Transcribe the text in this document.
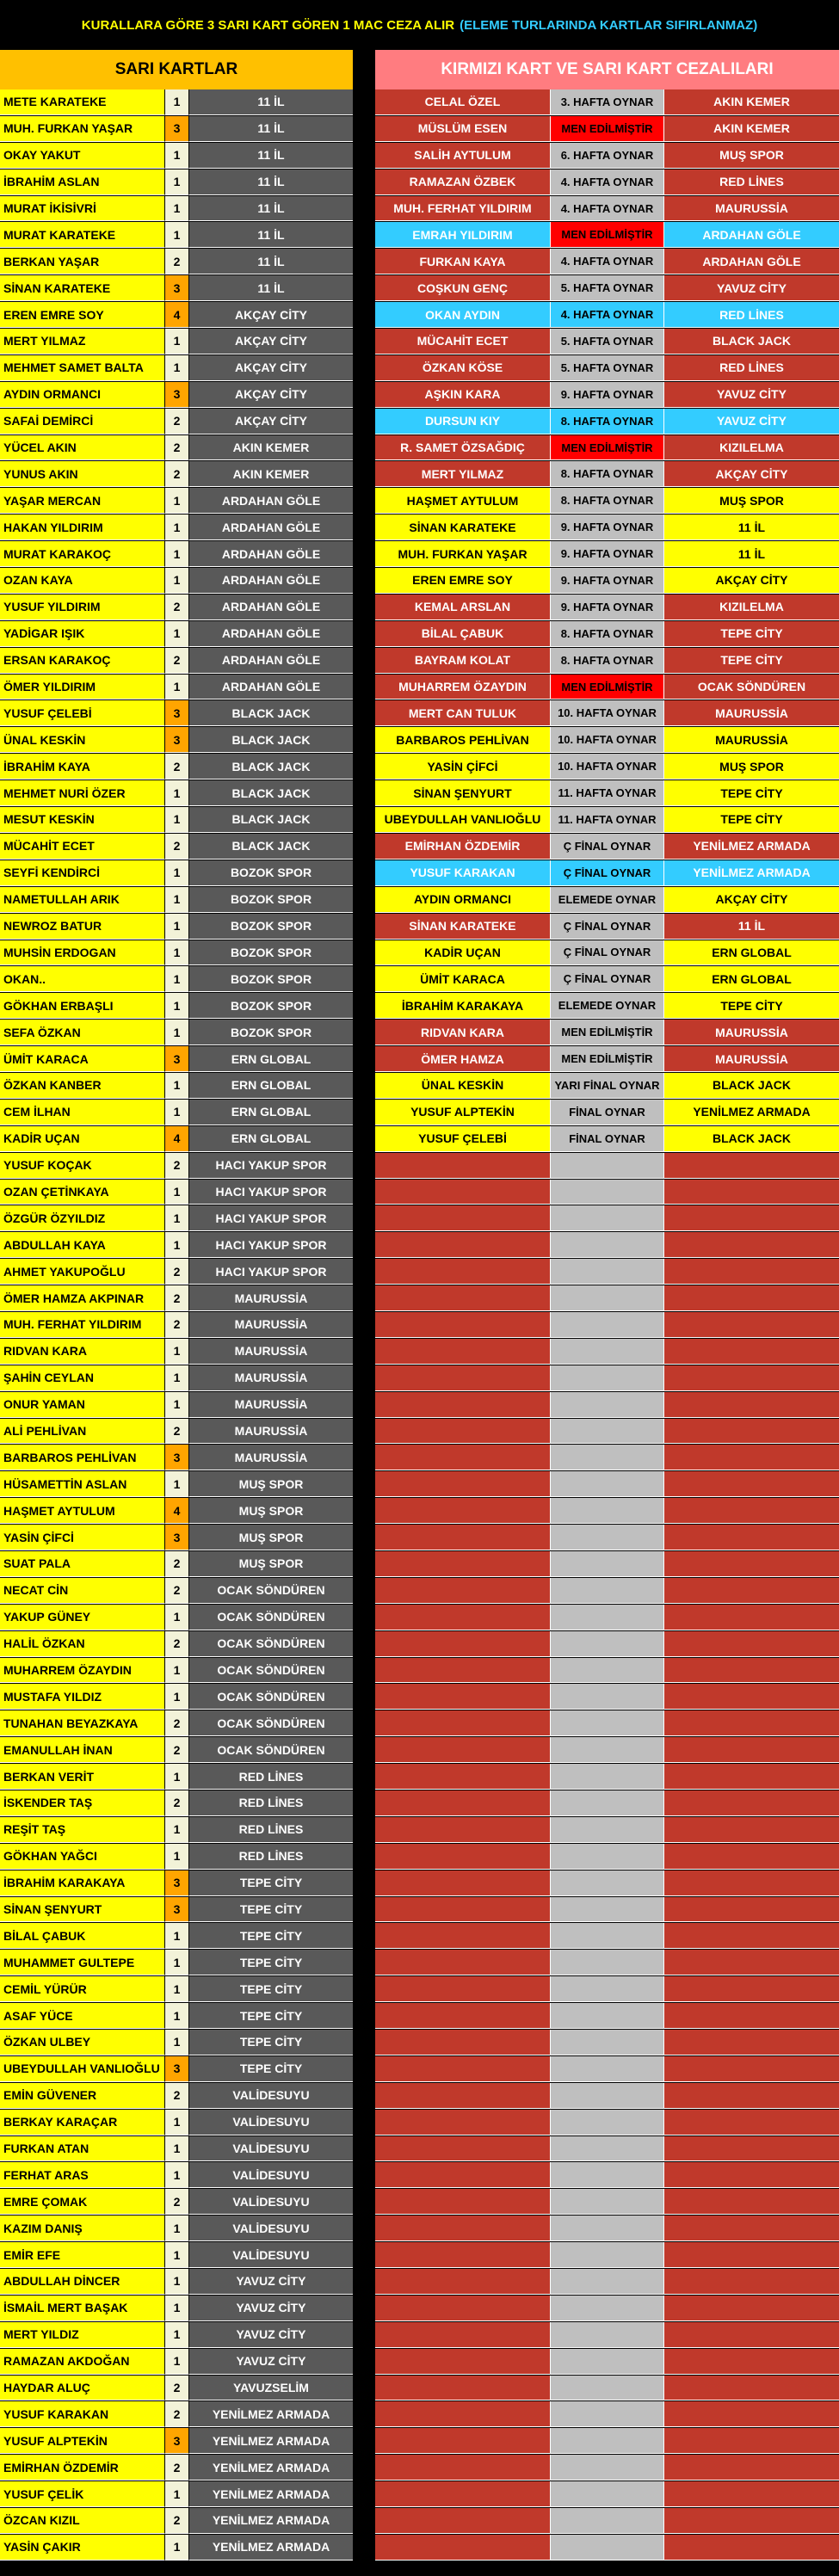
KURALLARA GÖRE 3 SARI KART GÖREN 1 MAC CEZA ALIR (ELEME TURLARINDA KARTLAR SIFIRLANMAZ)
SARI KARTLAR	KIRMIZI KART VE SARI KART CEZALILARI
METE KARATEKE	1	11 İL	CELAL ÖZEL	3. HAFTA OYNAR	AKIN KEMER
MUH. FURKAN YAŞAR	3	11 İL	MÜSLÜM ESEN	MEN EDİLMİŞTİR	AKIN KEMER
OKAY YAKUT	1	11 İL	SALİH AYTULUM	6. HAFTA OYNAR	MUŞ SPOR
İBRAHİM ASLAN	1	11 İL	RAMAZAN ÖZBEK	4. HAFTA OYNAR	RED LİNES
MURAT İKİSİVRİ	1	11 İL	MUH. FERHAT YILDIRIM	4. HAFTA OYNAR	MAURUSSİA
MURAT KARATEKE	1	11 İL	EMRAH YILDIRIM	MEN EDİLMİŞTİR	ARDAHAN GÖLE
BERKAN YAŞAR	2	11 İL	FURKAN KAYA	4. HAFTA OYNAR	ARDAHAN GÖLE
SİNAN KARATEKE	3	11 İL	COŞKUN GENÇ	5. HAFTA OYNAR	YAVUZ CİTY
EREN EMRE SOY	4	AKÇAY CİTY	OKAN AYDIN	4. HAFTA OYNAR	RED LİNES
MERT YILMAZ	1	AKÇAY CİTY	MÜCAHİT ECET	5. HAFTA OYNAR	BLACK JACK
MEHMET SAMET BALTA	1	AKÇAY CİTY	ÖZKAN KÖSE	5. HAFTA OYNAR	RED LİNES
AYDIN ORMANCI	3	AKÇAY CİTY	AŞKIN KARA	9. HAFTA OYNAR	YAVUZ CİTY
SAFAİ DEMİRCİ	2	AKÇAY CİTY	DURSUN KIY	8. HAFTA OYNAR	YAVUZ CİTY
YÜCEL AKIN	2	AKIN KEMER	R. SAMET ÖZSAĞDIÇ	MEN EDİLMİŞTİR	KIZILELMA
YUNUS AKIN	2	AKIN KEMER	MERT YILMAZ	8. HAFTA OYNAR	AKÇAY CİTY
YAŞAR MERCAN	1	ARDAHAN GÖLE	HAŞMET AYTULUM	8. HAFTA OYNAR	MUŞ SPOR
HAKAN YILDIRIM	1	ARDAHAN GÖLE	SİNAN KARATEKE	9. HAFTA OYNAR	11 İL
MURAT KARAKOÇ	1	ARDAHAN GÖLE	MUH. FURKAN YAŞAR	9. HAFTA OYNAR	11 İL
OZAN KAYA	1	ARDAHAN GÖLE	EREN EMRE SOY	9. HAFTA OYNAR	AKÇAY CİTY
YUSUF YILDIRIM	2	ARDAHAN GÖLE	KEMAL ARSLAN	9. HAFTA OYNAR	KIZILELMA
YADİGAR IŞIK	1	ARDAHAN GÖLE	BİLAL ÇABUK	8. HAFTA OYNAR	TEPE CİTY
ERSAN KARAKOÇ	2	ARDAHAN GÖLE	BAYRAM KOLAT	8. HAFTA OYNAR	TEPE CİTY
ÖMER YILDIRIM	1	ARDAHAN GÖLE	MUHARREM ÖZAYDIN	MEN EDİLMİŞTİR	OCAK SÖNDÜREN
YUSUF ÇELEBİ	3	BLACK JACK	MERT CAN TULUK	10. HAFTA OYNAR	MAURUSSİA
ÜNAL KESKİN	3	BLACK JACK	BARBAROS PEHLİVAN	10. HAFTA OYNAR	MAURUSSİA
İBRAHİM KAYA	2	BLACK JACK	YASİN ÇİFCİ	10. HAFTA OYNAR	MUŞ SPOR
MEHMET NURİ ÖZER	1	BLACK JACK	SİNAN ŞENYURT	11. HAFTA OYNAR	TEPE CİTY
MESUT KESKİN	1	BLACK JACK	UBEYDULLAH VANLIOĞLU	11. HAFTA OYNAR	TEPE CİTY
MÜCAHİT ECET	2	BLACK JACK	EMİRHAN ÖZDEMİR	Ç FİNAL OYNAR	YENİLMEZ ARMADA
SEYFİ KENDİRCİ	1	BOZOK SPOR	YUSUF KARAKAN	Ç FİNAL OYNAR	YENİLMEZ ARMADA
NAMETULLAH ARIK	1	BOZOK SPOR	AYDIN ORMANCI	ELEMEDE OYNAR	AKÇAY CİTY
NEWROZ BATUR	1	BOZOK SPOR	SİNAN KARATEKE	Ç FİNAL OYNAR	11 İL
MUHSİN ERDOGAN	1	BOZOK SPOR	KADİR UÇAN	Ç FİNAL OYNAR	ERN GLOBAL
OKAN..	1	BOZOK SPOR	ÜMİT KARACA	Ç FİNAL OYNAR	ERN GLOBAL
GÖKHAN ERBAŞLI	1	BOZOK SPOR	İBRAHİM KARAKAYA	ELEMEDE OYNAR	TEPE CİTY
SEFA ÖZKAN	1	BOZOK SPOR	RIDVAN KARA	MEN EDİLMİŞTİR	MAURUSSİA
ÜMİT KARACA	3	ERN GLOBAL	ÖMER HAMZA	MEN EDİLMİŞTİR	MAURUSSİA
ÖZKAN KANBER	1	ERN GLOBAL	ÜNAL KESKİN	YARI FİNAL OYNAR	BLACK JACK
CEM İLHAN	1	ERN GLOBAL	YUSUF ALPTEKİN	FİNAL OYNAR	YENİLMEZ ARMADA
KADİR UÇAN	4	ERN GLOBAL	YUSUF ÇELEBİ	FİNAL OYNAR	BLACK JACK
YUSUF KOÇAK	2	HACI YAKUP SPOR
OZAN ÇETİNKAYA	1	HACI YAKUP SPOR
ÖZGÜR ÖZYILDIZ	1	HACI YAKUP SPOR
ABDULLAH KAYA	1	HACI YAKUP SPOR
AHMET YAKUPOĞLU	2	HACI YAKUP SPOR
ÖMER HAMZA AKPINAR	2	MAURUSSİA
MUH. FERHAT YILDIRIM	2	MAURUSSİA
RIDVAN KARA	1	MAURUSSİA
ŞAHİN CEYLAN	1	MAURUSSİA
ONUR YAMAN	1	MAURUSSİA
ALİ PEHLİVAN	2	MAURUSSİA
BARBAROS PEHLİVAN	3	MAURUSSİA
HÜSAMETTİN ASLAN	1	MUŞ SPOR
HAŞMET AYTULUM	4	MUŞ SPOR
YASİN ÇİFCİ	3	MUŞ SPOR
SUAT PALA	2	MUŞ SPOR
NECAT CİN	2	OCAK SÖNDÜREN
YAKUP GÜNEY	1	OCAK SÖNDÜREN
HALİL ÖZKAN	2	OCAK SÖNDÜREN
MUHARREM ÖZAYDIN	1	OCAK SÖNDÜREN
MUSTAFA YILDIZ	1	OCAK SÖNDÜREN
TUNAHAN BEYAZKAYA	2	OCAK SÖNDÜREN
EMANULLAH İNAN	2	OCAK SÖNDÜREN
BERKAN VERİT	1	RED LİNES
İSKENDER TAŞ	2	RED LİNES
REŞİT TAŞ	1	RED LİNES
GÖKHAN YAĞCI	1	RED LİNES
İBRAHİM KARAKAYA	3	TEPE CİTY
SİNAN ŞENYURT	3	TEPE CİTY
BİLAL ÇABUK	1	TEPE CİTY
MUHAMMET GULTEPE	1	TEPE CİTY
CEMİL YÜRÜR	1	TEPE CİTY
ASAF YÜCE	1	TEPE CİTY
ÖZKAN ULBEY	1	TEPE CİTY
UBEYDULLAH VANLIOĞLU	3	TEPE CİTY
EMİN GÜVENER	2	VALİDESUYU
BERKAY KARAÇAR	1	VALİDESUYU
FURKAN ATAN	1	VALİDESUYU
FERHAT ARAS	1	VALİDESUYU
EMRE ÇOMAK	2	VALİDESUYU
KAZIM DANIŞ	1	VALİDESUYU
EMİR EFE	1	VALİDESUYU
ABDULLAH DİNCER	1	YAVUZ CİTY
İSMAİL MERT BAŞAK	1	YAVUZ CİTY
MERT YILDIZ	1	YAVUZ CİTY
RAMAZAN AKDOĞAN	1	YAVUZ CİTY
HAYDAR ALUÇ	2	YAVUZSELİM
YUSUF KARAKAN	2	YENİLMEZ ARMADA
YUSUF ALPTEKİN	3	YENİLMEZ ARMADA
EMİRHAN ÖZDEMİR	2	YENİLMEZ ARMADA
YUSUF ÇELİK	1	YENİLMEZ ARMADA
ÖZCAN KIZIL	2	YENİLMEZ ARMADA
YASİN ÇAKIR	1	YENİLMEZ ARMADA
